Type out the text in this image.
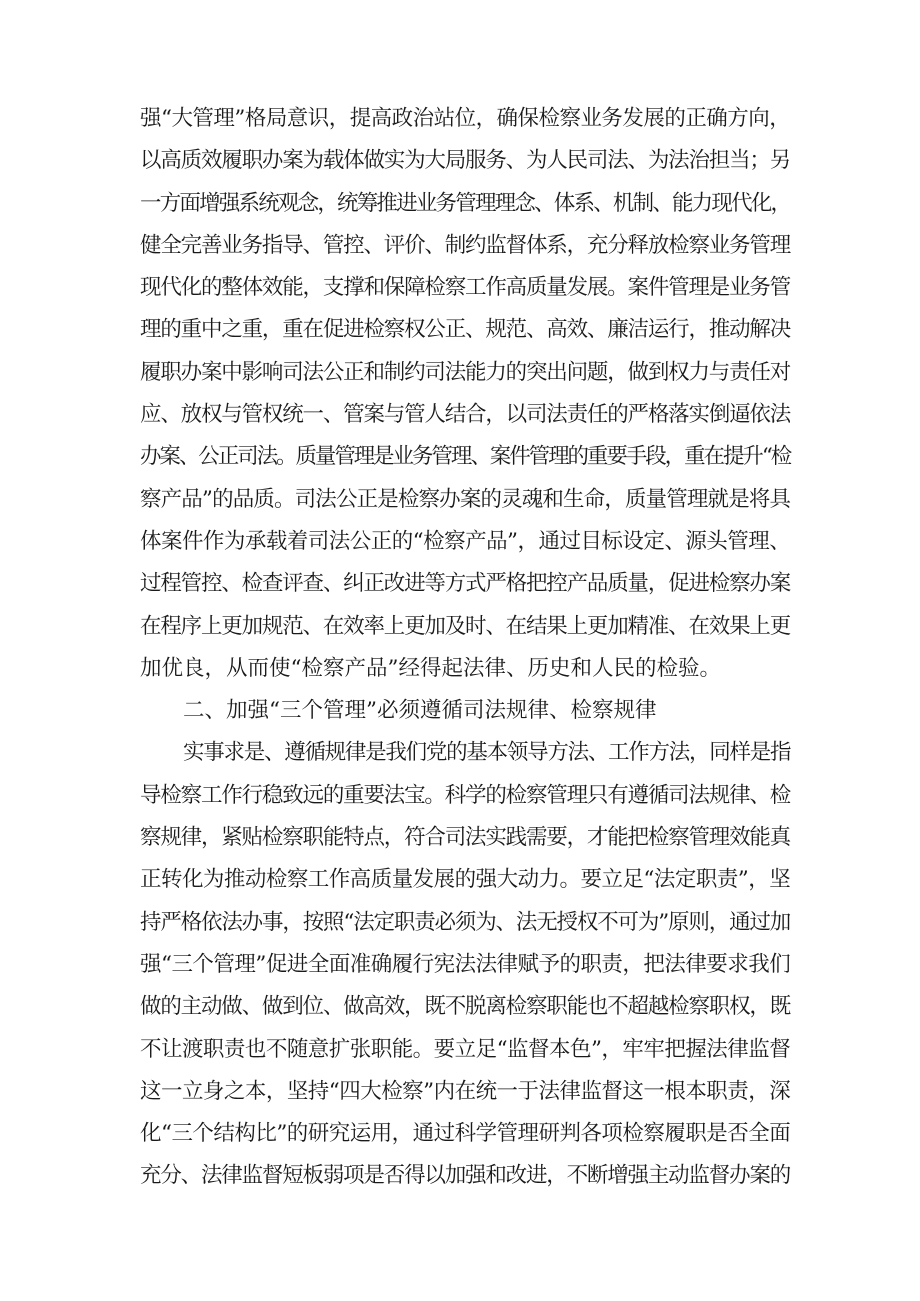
强“大管理”格局意识，提高政治站位，确保检察业务发展的正确方向，
以高质效履职办案为载体做实为大局服务、为人民司法、为法治担当；另
一方面增强系统观念，统筹推进业务管理理念、体系、机制、能力现代化，
健全完善业务指导、管控、评价、制约监督体系，充分释放检察业务管理
现代化的整体效能，支撑和保障检察工作高质量发展。案件管理是业务管
理的重中之重，重在促进检察权公正、规范、高效、廉洁运行，推动解决
履职办案中影响司法公正和制约司法能力的突出问题，做到权力与责任对
应、放权与管权统一、管案与管人结合，以司法责任的严格落实倒逼依法
办案、公正司法。质量管理是业务管理、案件管理的重要手段，重在提升“检
察产品”的品质。司法公正是检察办案的灵魂和生命，质量管理就是将具
体案件作为承载着司法公正的“检察产品”，通过目标设定、源头管理、
过程管控、检查评查、纠正改进等方式严格把控产品质量，促进检察办案
在程序上更加规范、在效率上更加及时、在结果上更加精准、在效果上更
加优良，从而使“检察产品”经得起法律、历史和人民的检验。
二、加强“三个管理”必须遵循司法规律、检察规律
实事求是、遵循规律是我们党的基本领导方法、工作方法，同样是指
导检察工作行稳致远的重要法宝。科学的检察管理只有遵循司法规律、检
察规律，紧贴检察职能特点，符合司法实践需要，才能把检察管理效能真
正转化为推动检察工作高质量发展的强大动力。要立足“法定职责”，坚
持严格依法办事，按照“法定职责必须为、法无授权不可为”原则，通过加
强“三个管理”促进全面准确履行宪法法律赋予的职责，把法律要求我们
做的主动做、做到位、做高效，既不脱离检察职能也不超越检察职权，既
不让渡职责也不随意扩张职能。要立足“监督本色”，牢牢把握法律监督
这一立身之本，坚持“四大检察”内在统一于法律监督这一根本职责，深
化“三个结构比”的研究运用，通过科学管理研判各项检察履职是否全面
充分、法律监督短板弱项是否得以加强和改进，不断增强主动监督办案的
